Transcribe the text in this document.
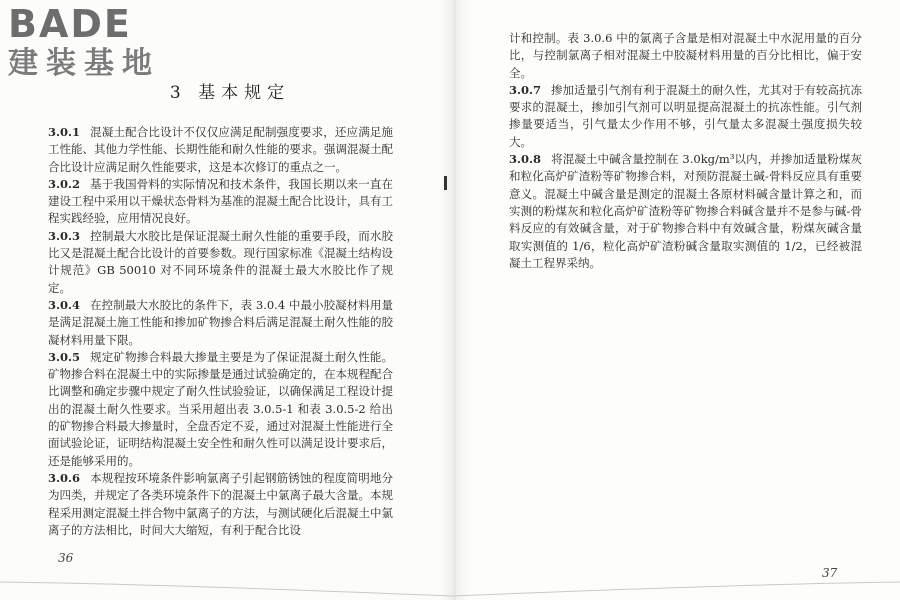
BADE
建装基地
3 基本规定

3.0.1 混凝土配合比设计不仅仅应满足配制强度要求，还应满足施工性能、其他力学性能、长期性能和耐久性能的要求。强调混凝土配合比设计应满足耐久性能要求，这是本次修订的重点之一。

3.0.2 基于我国骨料的实际情况和技术条件，我国长期以来一直在建设工程中采用以干燥状态骨料为基准的混凝土配合比设计，具有工程实践经验，应用情况良好。

3.0.3 控制最大水胶比是保证混凝土耐久性能的重要手段，而水胶比又是混凝土配合比设计的首要参数。现行国家标准《混凝土结构设计规范》GB 50010 对不同环境条件的混凝土最大水胶比作了规定。

3.0.4 在控制最大水胶比的条件下，表 3.0.4 中最小胶凝材料用量是满足混凝土施工性能和掺加矿物掺合料后满足混凝土耐久性能的胶凝材料用量下限。

3.0.5 规定矿物掺合料最大掺量主要是为了保证混凝土耐久性能。矿物掺合料在混凝土中的实际掺量是通过试验确定的，在本规程配合比调整和确定步骤中规定了耐久性试验验证，以确保满足工程设计提出的混凝土耐久性要求。当采用超出表 3.0.5-1 和表 3.0.5-2 给出的矿物掺合料最大掺量时，全盘否定不妥，通过对混凝土性能进行全面试验论证，证明结构混凝土安全性和耐久性可以满足设计要求后，还是能够采用的。

3.0.6 本规程按环境条件影响氯离子引起钢筋锈蚀的程度简明地分为四类，并规定了各类环境条件下的混凝土中氯离子最大含量。本规程采用测定混凝土拌合物中氯离子的方法，与测试硬化后混凝土中氯离子的方法相比，时间大大缩短，有利于配合比设

36

计和控制。表 3.0.6 中的氯离子含量是相对混凝土中水泥用量的百分比，与控制氯离子相对混凝土中胶凝材料用量的百分比相比，偏于安全。

3.0.7 掺加适量引气剂有利于混凝土的耐久性，尤其对于有较高抗冻要求的混凝土，掺加引气剂可以明显提高混凝土的抗冻性能。引气剂掺量要适当，引气量太少作用不够，引气量太多混凝土强度损失较大。

3.0.8 将混凝土中碱含量控制在 3.0kg/m³以内，并掺加适量粉煤灰和粒化高炉矿渣粉等矿物掺合料，对预防混凝土碱-骨料反应具有重要意义。混凝土中碱含量是测定的混凝土各原材料碱含量计算之和，而实测的粉煤灰和粒化高炉矿渣粉等矿物掺合料碱含量并不是参与碱-骨料反应的有效碱含量，对于矿物掺合料中有效碱含量，粉煤灰碱含量取实测值的 1/6，粒化高炉矿渣粉碱含量取实测值的 1/2，已经被混凝土工程界采纳。

37
